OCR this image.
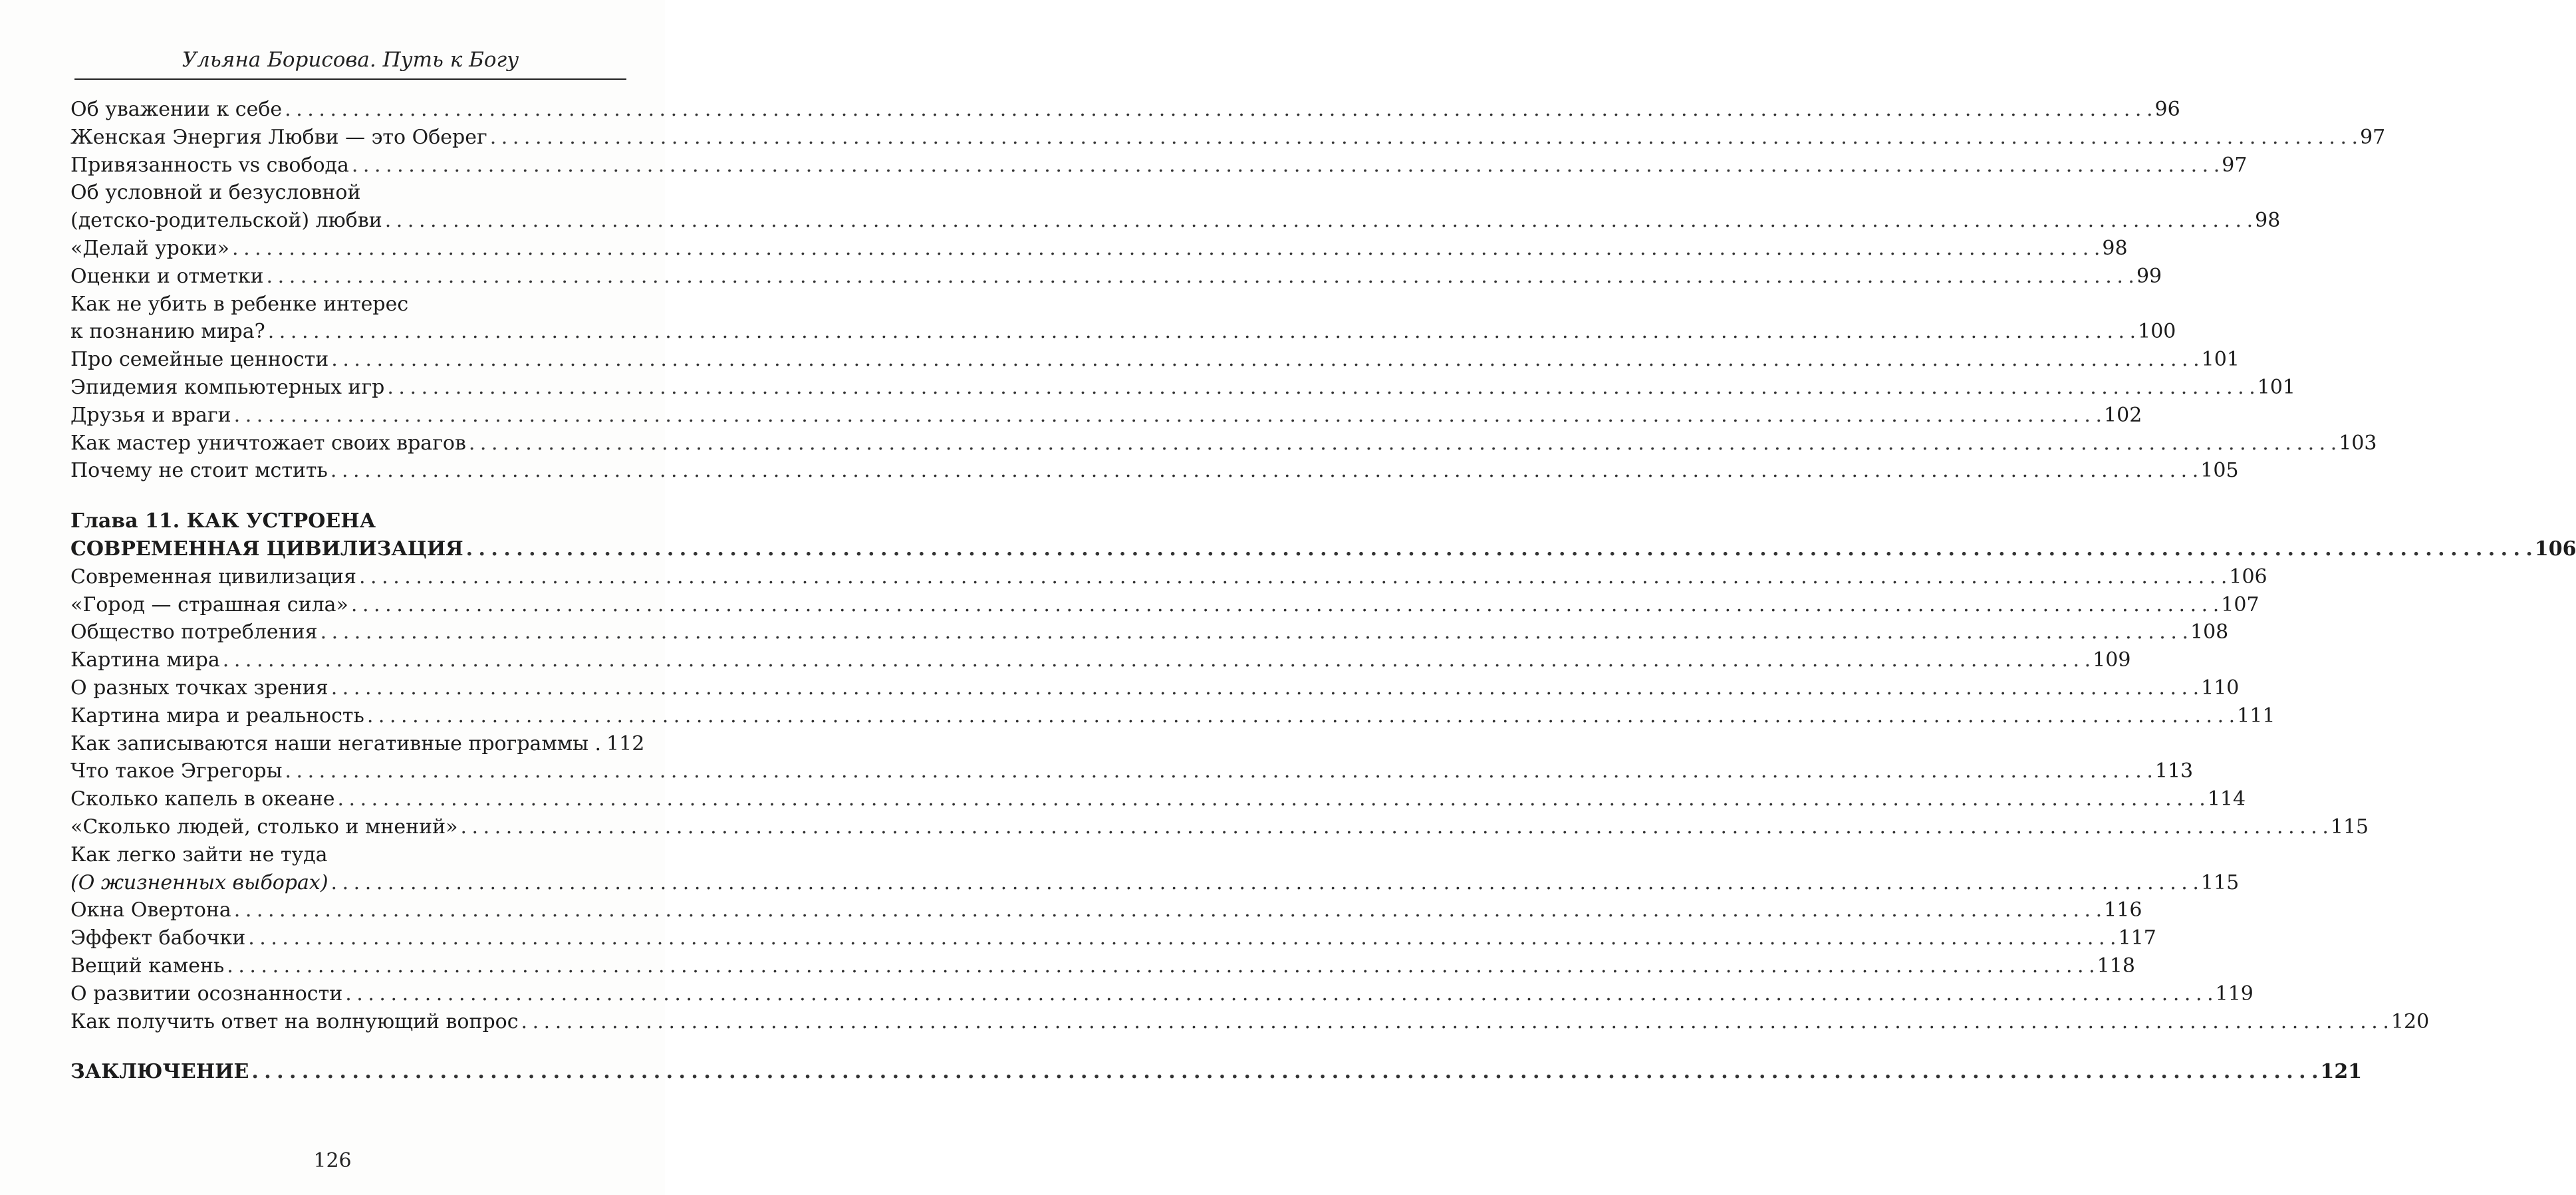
Ульяна Борисова. Путь к Богу
Об уважении к себе . . .	96
Женская Энергия Любви — это Оберег . . .	97
Привязанность vs свобода . . .	97
Об условной и безусловной
(детско-родительской) любви . . .	98
«Делай уроки» . . .	98
Оценки и отметки . . .	99
Как не убить в ребенке интерес
к познанию мира? . . .	100
Про семейные ценности . . .	101
Эпидемия компьютерных игр . . .	101
Друзья и враги . . .	102
Как мастер уничтожает своих врагов . . .	103
Почему не стоит мстить . . .	105
Глава 11. КАК УСТРОЕНА
СОВРЕМЕННАЯ ЦИВИЛИЗАЦИЯ . . .	106
Современная цивилизация . . .	106
«Город — страшная сила» . . .	107
Общество потребления . . .	108
Картина мира . . .	109
О разных точках зрения . . .	110
Картина мира и реальность . . .	111
Как записываются наши негативные программы . 112
Что такое Эгрегоры . . .	113
Сколько капель в океане . . .	114
«Сколько людей, столько и мнений» . . .	115
Как легко зайти не туда
(О жизненных выборах) . . .	115
Окна Овертона . . .	116
Эффект бабочки . . .	117
Вещий камень . . .	118
О развитии осознанности . . .	119
Как получить ответ на волнующий вопрос . . .	120
ЗАКЛЮЧЕНИЕ . . .	121
126
